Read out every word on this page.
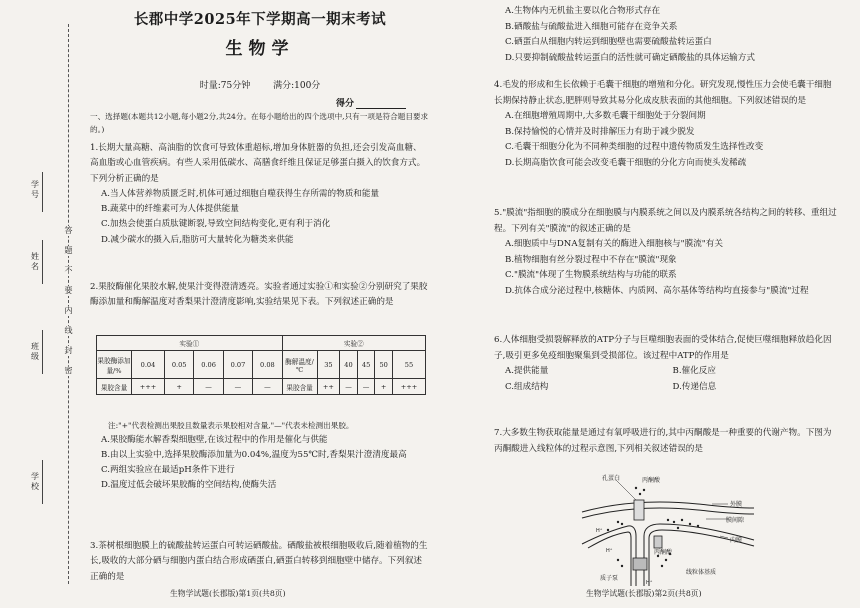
答
题
不
要
内
线
封
密
学号
姓名
班级
学校
长郡中学2025年下学期高一期末考试
生物学
时量:75分钟	满分:100分
得分

一、选择题(本题共12小题,每小题2分,共24分。在每小题给出的四个选项中,只有一项是符合题目要求的。)

1.长期大量高糖、高油脂的饮食可导致体重超标,增加身体脏器的负担,还会引发高血糖、高血脂或心血管疾病。有些人采用低碳水、高膳食纤维且保证足够蛋白摄入的饮食方式。下列分析正确的是

A.当人体营养物质匮乏时,机体可通过细胞自噬获得生存所需的物质和能量

B.蔬菜中的纤维素可为人体提供能量

C.加热会使蛋白质肽键断裂,导致空间结构变化,更有利于消化

D.减少碳水的摄入后,脂肪可大量转化为糖类来供能

2.果胶酶催化果胶水解,使果汁变得澄清透亮。实验者通过实验①和实验②分别研究了果胶酶添加量和酶解温度对香梨果汁澄清度影响,实验结果见下表。下列叙述正确的是

实验①						实验②					
果胶酶添加量/%	0.04	0.05	0.06	0.07	0.08	酶解温度/℃	35	40	45	50	55
果胶含量	+++	+	—	—	—	果胶含量	++	—	—	+	+++

注:"+"代表检测出果胶且数量表示果胶相对含量,"—"代表未检测出果胶。

A.果胶酶能水解香梨细胞壁,在该过程中的作用是催化与供能

B.由以上实验中,选择果胶酶添加量为0.04%,温度为55℃时,香梨果汁澄清度最高

C.两组实验应在最适pH条件下进行

D.温度过低会破坏果胶酶的空间结构,使酶失活

3.茶树根细胞膜上的硫酸盐转运蛋白可转运硒酸盐。硒酸盐被根细胞吸收后,随着植物的生长,吸收的大部分硒与细胞内蛋白结合形成硒蛋白,硒蛋白转移到细胞壁中储存。下列叙述正确的是

生物学试题(长郡版)第1页(共8页)

A.生物体内无机盐主要以化合物形式存在

B.硒酸盐与硫酸盐进入细胞可能存在竞争关系

C.硒蛋白从细胞内转运到细胞壁也需要硫酸盐转运蛋白

D.只要抑制硫酸盐转运蛋白的活性就可确定硒酸盐的具体运输方式

4.毛发的形成和生长依赖于毛囊干细胞的增殖和分化。研究发现,慢性压力会使毛囊干细胞长期保持静止状态,肥胖则导致其易分化成皮肤表面的其他细胞。下列叙述错误的是

A.在细胞增殖周期中,大多数毛囊干细胞处于分裂间期

B.保持愉悦的心情并及时排解压力有助于减少脱发

C.毛囊干细胞分化为不同种类细胞的过程中遗传物质发生选择性改变

D.长期高脂饮食可能会改变毛囊干细胞的分化方向而使头发稀疏

5."膜流"指细胞的膜成分在细胞膜与内膜系统之间以及内膜系统各结构之间的转移、重组过程。下列有关"膜流"的叙述正确的是

A.细胞质中与DNA复制有关的酶进入细胞核与"膜流"有关

B.植物细胞有丝分裂过程中不存在"膜流"现象

C."膜流"体现了生物膜系统结构与功能的联系

D.抗体合成分泌过程中,核糖体、内质网、高尔基体等结构均直接参与"膜流"过程

6.人体细胞受损裂解释放的ATP分子与巨噬细胞表面的受体结合,促使巨噬细胞释放趋化因子,吸引更多免疫细胞聚集到受损部位。该过程中ATP的作用是

A.提供能量	B.催化反应
C.组成结构	D.传递信息

7.大多数生物获取能量是通过有氧呼吸进行的,其中丙酮酸是一种重要的代谢产物。下图为丙酮酸进入线粒体的过程示意图,下列相关叙述错误的是

生物学试题(长郡版)第2页(共8页)
孔蛋白	丙酮酸
外膜
膜间隙
内膜
H⁺
H⁺
H⁺
丙酮酸
质子泵
线粒体基质
